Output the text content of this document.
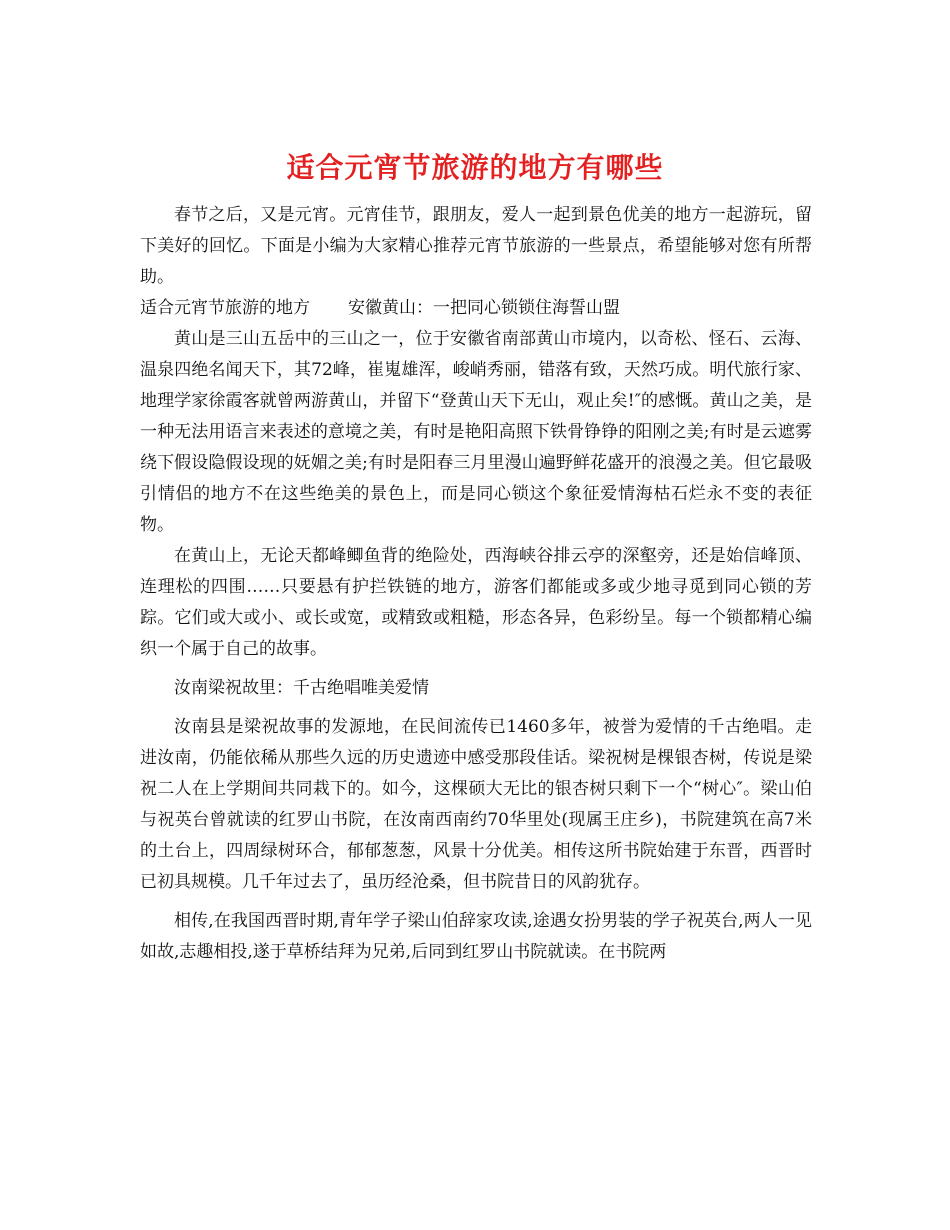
适合元宵节旅游的地方有哪些

春节之后，又是元宵。元宵佳节，跟朋友，爱人一起到景色优美的地方一起游玩，留下美好的回忆。下面是小编为大家精心推荐元宵节旅游的一些景点，希望能够对您有所帮助。

适合元宵节旅游的地方 安徽黄山：一把同心锁锁住海誓山盟

黄山是三山五岳中的三山之一，位于安徽省南部黄山市境内，以奇松、怪石、云海、温泉四绝名闻天下，其72峰，崔嵬雄浑，峻峭秀丽，错落有致，天然巧成。明代旅行家、地理学家徐霞客就曾两游黄山，并留下“登黄山天下无山，观止矣!″的感慨。黄山之美，是一种无法用语言来表述的意境之美，有时是艳阳高照下铁骨铮铮的阳刚之美;有时是云遮雾绕下假设隐假设现的妩媚之美;有时是阳春三月里漫山遍野鲜花盛开的浪漫之美。但它最吸引情侣的地方不在这些绝美的景色上，而是同心锁这个象征爱情海枯石烂永不变的表征物。

在黄山上，无论天都峰鲫鱼背的绝险处，西海峡谷排云亭的深壑旁，还是始信峰顶、连理松的四围……只要悬有护拦铁链的地方，游客们都能或多或少地寻觅到同心锁的芳踪。它们或大或小、或长或宽，或精致或粗糙，形态各异，色彩纷呈。每一个锁都精心编织一个属于自己的故事。

汝南梁祝故里：千古绝唱唯美爱情

汝南县是梁祝故事的发源地，在民间流传已1460多年，被誉为爱情的千古绝唱。走进汝南，仍能依稀从那些久远的历史遗迹中感受那段佳话。梁祝树是棵银杏树，传说是梁祝二人在上学期间共同栽下的。如今，这棵硕大无比的银杏树只剩下一个“树心″。梁山伯与祝英台曾就读的红罗山书院，在汝南西南约70华里处(现属王庄乡)，书院建筑在高7米的土台上，四周绿树环合，郁郁葱葱，风景十分优美。相传这所书院始建于东晋，西晋时已初具规模。几千年过去了，虽历经沧桑，但书院昔日的风韵犹存。

相传,在我国西晋时期,青年学子梁山伯辞家攻读,途遇女扮男装的学子祝英台,两人一见如故,志趣相投,遂于草桥结拜为兄弟,后同到红罗山书院就读。在书院两
